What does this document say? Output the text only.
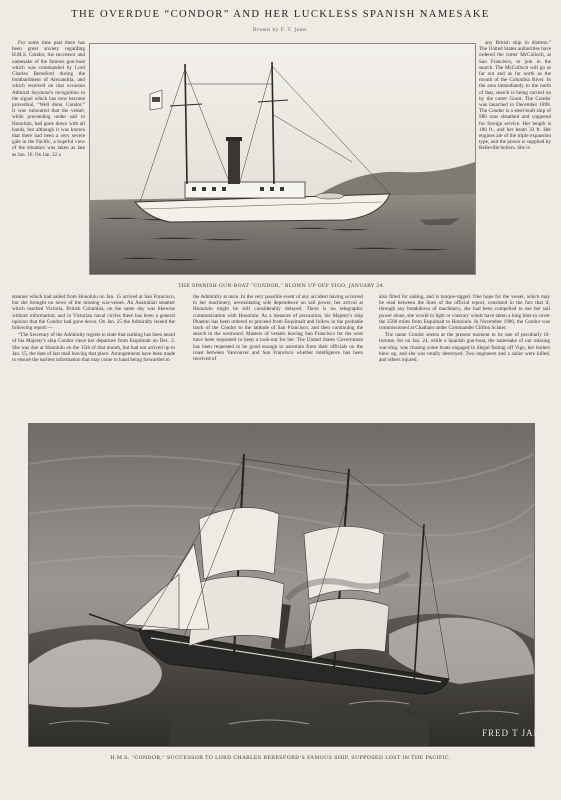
THE OVERDUE “CONDOR” AND HER LUCKLESS SPANISH NAMESAKE
Drawn by F. T. Jane.

For some time past there has been great anxiety regarding H.M.S. Condor, the successor and namesake of the famous gun-boat which was commanded by Lord Charles Beresford during the bombardment of Alexandria, and which received on that occasion Admiral Seymour's recognition in the signal which has now become proverbial, “Well done, Condor.” It was rumoured that the vessel, while proceeding under sail to Honolulu, had gone down with all hands, but although it was known that there had been a very severe gale in the Pacific, a hopeful view of the situation was taken as late as Jan. 16. On Jan. 22 a

THE SPANISH GUN-BOAT “CONDOR,” BLOWN UP OFF VIGO, JANUARY 24.

any British ship in distress.” The United States authorities have ordered the cutter McCulloch, at San Francisco, to join in the search. The McCulloch will go as far out and as far north as the mouth of the Columbia River. In the area immediately to the north of that, search is being carried on by the cutter Grant. The Condor was launched in December 1898. The Condor is a steel-built ship of 980 tons sheathed and coppered for foreign service. Her length is 180 ft., and her beam 33 ft. Her engines are of the triple expansion type, and the power is supplied by Belleville boilers. She is

steamer which had sailed from Honolulu on Jan. 15 arrived at San Francisco, but she brought no news of the missing war-vessel. An Australian steamer which reached Victoria, British Columbia, on the same day was likewise without information; and in Victorian naval circles there has been a general opinion that the Condor had gone down. On Jan. 25 the Admiralty issued the following report:—

“The Secretary of the Admiralty regrets to state that nothing has been heard of his Majesty's ship Condor since her departure from Esquimalt on Dec. 2. She was due at Honolulu on the 15th of that month, but had not arrived up to Jan. 15, the date of last mail leaving that place. Arrangements have been made to ensure the earliest information that may come to hand being forwarded to

the Admiralty at once. In the very possible event of any accident having occurred to her machinery, necessitating sole dependence on sail power, her arrival at Honolulu might be still considerably delayed. There is no telegraphic communication with Honolulu. As a measure of precaution, his Majesty's ship Phaeton has been ordered to proceed from Esquimalt and follow in the probable track of the Condor to the latitude of San Francisco, and then continuing the search to the westward. Masters of vessels leaving San Francisco for the west have been requested to keep a look-out for her. The United States Government has been requested to be good enough to ascertain from their officials on the coast between Vancouver and San Francisco whether intelligence has been received of

also fitted for sailing, and is barque-rigged. One hope for the vessel, which may be read between the lines of the official report, consisted in the fact that if, through any breakdown of machinery, she had been compelled to use her sail power alone, she would in light or contrary winds have taken a long time to cover the 2580 miles from Esquimalt to Honolulu. In November 1900, the Condor was commissioned at Chatham under Commander Clifton Sclater.

The name Condor seems at the present moment to be one of peculiarly ill-fortune, for on Jan. 24, while a Spanish gun-boat, the namesake of our missing war-ship, was chasing some boats engaged in illegal fishing off Vigo, her boilers blew up, and she was totally destroyed. Two engineers and a sailor were killed, and others injured.

FRED T JANE
H.M.S. “CONDOR,” SUCCESSOR TO LORD CHARLES BERESFORD’S FAMOUS SHIP, SUPPOSED LOST IN THE PACIFIC.
